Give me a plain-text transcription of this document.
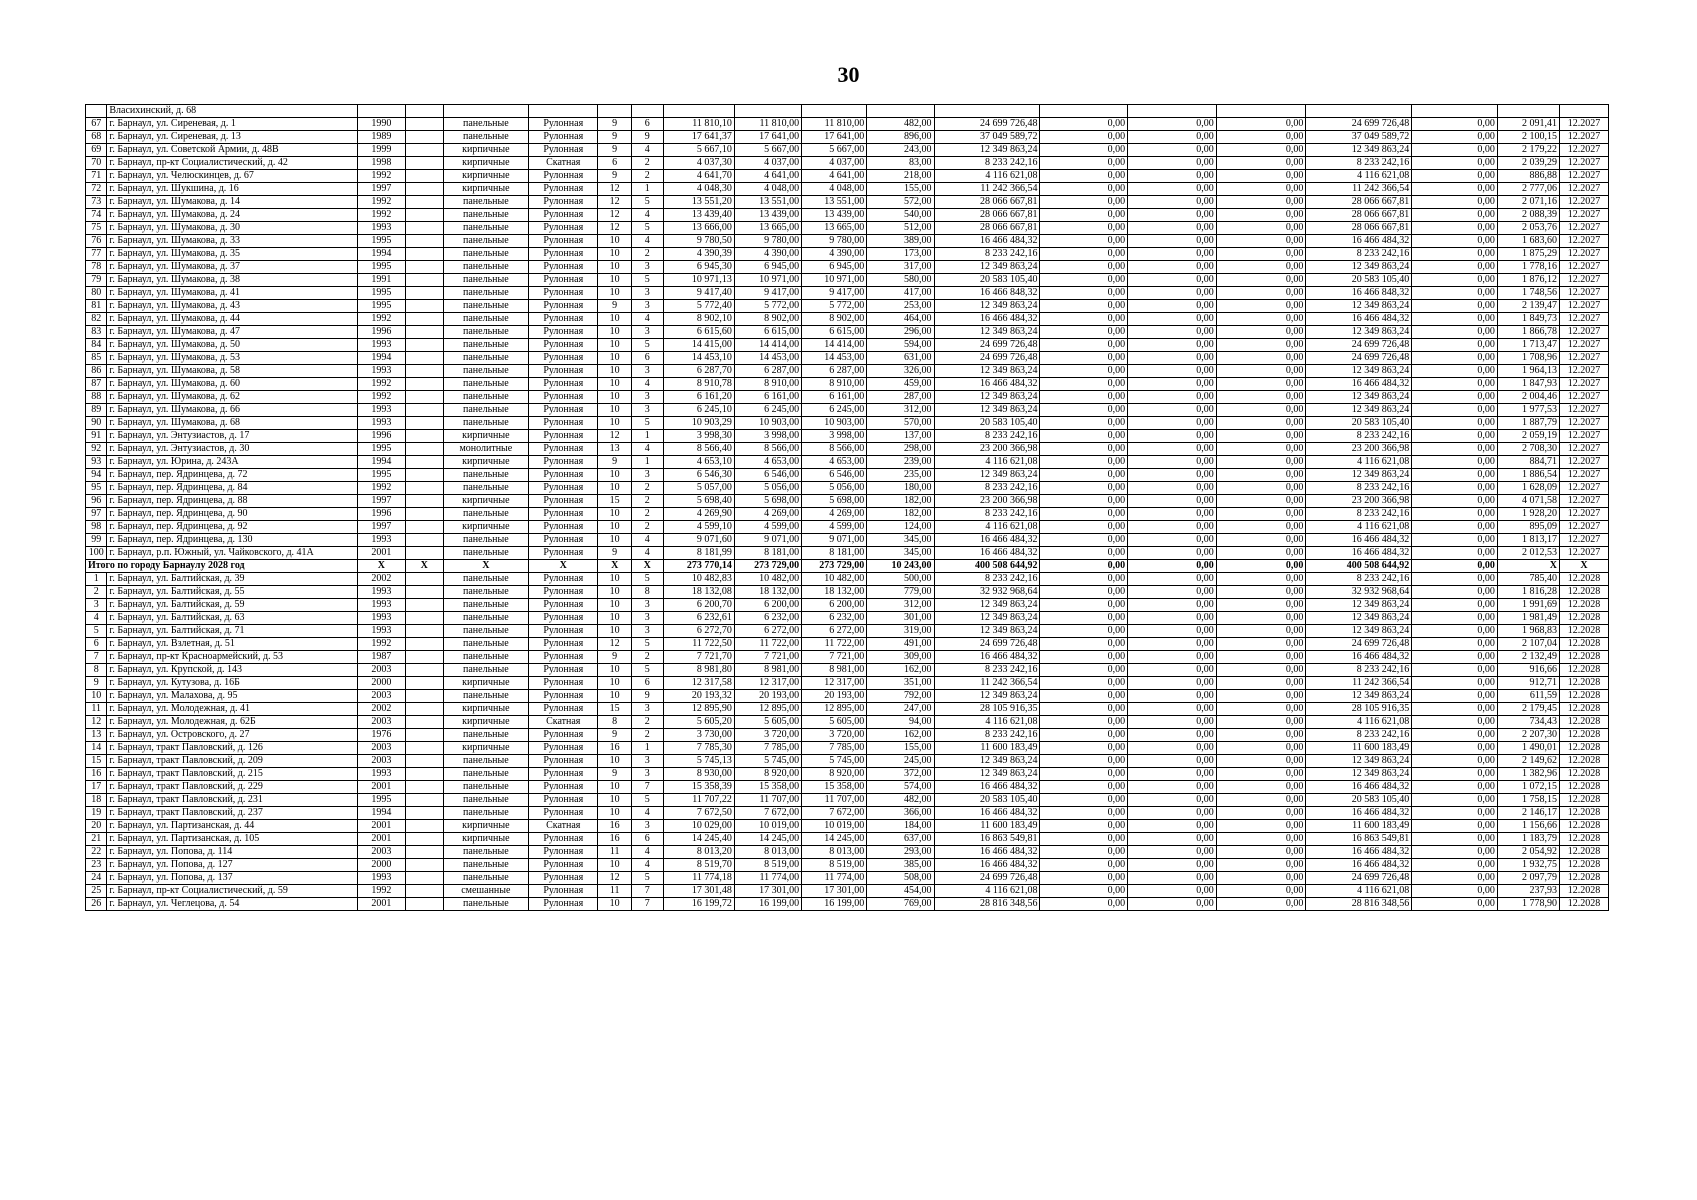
30
	Власихинский, д. 68																		
67	г. Барнаул, ул. Сиреневая, д. 1	1990		панельные	Рулонная	9	6	11 810,10	11 810,00	11 810,00	482,00	24 699 726,48	0,00	0,00	0,00	24 699 726,48	0,00	2 091,41	12.2027
68	г. Барнаул, ул. Сиреневая, д. 13	1989		панельные	Рулонная	9	9	17 641,37	17 641,00	17 641,00	896,00	37 049 589,72	0,00	0,00	0,00	37 049 589,72	0,00	2 100,15	12.2027
69	г. Барнаул, ул. Советской Армии, д. 48В	1999		кирпичные	Рулонная	9	4	5 667,10	5 667,00	5 667,00	243,00	12 349 863,24	0,00	0,00	0,00	12 349 863,24	0,00	2 179,22	12.2027
70	г. Барнаул, пр-кт Социалистический, д. 42	1998		кирпичные	Скатная	6	2	4 037,30	4 037,00	4 037,00	83,00	8 233 242,16	0,00	0,00	0,00	8 233 242,16	0,00	2 039,29	12.2027
71	г. Барнаул, ул. Челюскинцев, д. 67	1992		кирпичные	Рулонная	9	2	4 641,70	4 641,00	4 641,00	218,00	4 116 621,08	0,00	0,00	0,00	4 116 621,08	0,00	886,88	12.2027
72	г. Барнаул, ул. Шукшина, д. 16	1997		кирпичные	Рулонная	12	1	4 048,30	4 048,00	4 048,00	155,00	11 242 366,54	0,00	0,00	0,00	11 242 366,54	0,00	2 777,06	12.2027
73	г. Барнаул, ул. Шумакова, д. 14	1992		панельные	Рулонная	12	5	13 551,20	13 551,00	13 551,00	572,00	28 066 667,81	0,00	0,00	0,00	28 066 667,81	0,00	2 071,16	12.2027
74	г. Барнаул, ул. Шумакова, д. 24	1992		панельные	Рулонная	12	4	13 439,40	13 439,00	13 439,00	540,00	28 066 667,81	0,00	0,00	0,00	28 066 667,81	0,00	2 088,39	12.2027
75	г. Барнаул, ул. Шумакова, д. 30	1993		панельные	Рулонная	12	5	13 666,00	13 665,00	13 665,00	512,00	28 066 667,81	0,00	0,00	0,00	28 066 667,81	0,00	2 053,76	12.2027
76	г. Барнаул, ул. Шумакова, д. 33	1995		панельные	Рулонная	10	4	9 780,50	9 780,00	9 780,00	389,00	16 466 484,32	0,00	0,00	0,00	16 466 484,32	0,00	1 683,60	12.2027
77	г. Барнаул, ул. Шумакова, д. 35	1994		панельные	Рулонная	10	2	4 390,39	4 390,00	4 390,00	173,00	8 233 242,16	0,00	0,00	0,00	8 233 242,16	0,00	1 875,29	12.2027
78	г. Барнаул, ул. Шумакова, д. 37	1995		панельные	Рулонная	10	3	6 945,30	6 945,00	6 945,00	317,00	12 349 863,24	0,00	0,00	0,00	12 349 863,24	0,00	1 778,16	12.2027
79	г. Барнаул, ул. Шумакова, д. 38	1991		панельные	Рулонная	10	5	10 971,13	10 971,00	10 971,00	580,00	20 583 105,40	0,00	0,00	0,00	20 583 105,40	0,00	1 876,12	12.2027
80	г. Барнаул, ул. Шумакова, д. 41	1995		панельные	Рулонная	10	3	9 417,40	9 417,00	9 417,00	417,00	16 466 848,32	0,00	0,00	0,00	16 466 848,32	0,00	1 748,56	12.2027
81	г. Барнаул, ул. Шумакова, д. 43	1995		панельные	Рулонная	9	3	5 772,40	5 772,00	5 772,00	253,00	12 349 863,24	0,00	0,00	0,00	12 349 863,24	0,00	2 139,47	12.2027
82	г. Барнаул, ул. Шумакова, д. 44	1992		панельные	Рулонная	10	4	8 902,10	8 902,00	8 902,00	464,00	16 466 484,32	0,00	0,00	0,00	16 466 484,32	0,00	1 849,73	12.2027
83	г. Барнаул, ул. Шумакова, д. 47	1996		панельные	Рулонная	10	3	6 615,60	6 615,00	6 615,00	296,00	12 349 863,24	0,00	0,00	0,00	12 349 863,24	0,00	1 866,78	12.2027
84	г. Барнаул, ул. Шумакова, д. 50	1993		панельные	Рулонная	10	5	14 415,00	14 414,00	14 414,00	594,00	24 699 726,48	0,00	0,00	0,00	24 699 726,48	0,00	1 713,47	12.2027
85	г. Барнаул, ул. Шумакова, д. 53	1994		панельные	Рулонная	10	6	14 453,10	14 453,00	14 453,00	631,00	24 699 726,48	0,00	0,00	0,00	24 699 726,48	0,00	1 708,96	12.2027
86	г. Барнаул, ул. Шумакова, д. 58	1993		панельные	Рулонная	10	3	6 287,70	6 287,00	6 287,00	326,00	12 349 863,24	0,00	0,00	0,00	12 349 863,24	0,00	1 964,13	12.2027
87	г. Барнаул, ул. Шумакова, д. 60	1992		панельные	Рулонная	10	4	8 910,78	8 910,00	8 910,00	459,00	16 466 484,32	0,00	0,00	0,00	16 466 484,32	0,00	1 847,93	12.2027
88	г. Барнаул, ул. Шумакова, д. 62	1992		панельные	Рулонная	10	3	6 161,20	6 161,00	6 161,00	287,00	12 349 863,24	0,00	0,00	0,00	12 349 863,24	0,00	2 004,46	12.2027
89	г. Барнаул, ул. Шумакова, д. 66	1993		панельные	Рулонная	10	3	6 245,10	6 245,00	6 245,00	312,00	12 349 863,24	0,00	0,00	0,00	12 349 863,24	0,00	1 977,53	12.2027
90	г. Барнаул, ул. Шумакова, д. 68	1993		панельные	Рулонная	10	5	10 903,29	10 903,00	10 903,00	570,00	20 583 105,40	0,00	0,00	0,00	20 583 105,40	0,00	1 887,79	12.2027
91	г. Барнаул, ул. Энтузиастов, д. 17	1996		кирпичные	Рулонная	12	1	3 998,30	3 998,00	3 998,00	137,00	8 233 242,16	0,00	0,00	0,00	8 233 242,16	0,00	2 059,19	12.2027
92	г. Барнаул, ул. Энтузиастов, д. 30	1995		монолитные	Рулонная	13	4	8 566,40	8 566,00	8 566,00	298,00	23 200 366,98	0,00	0,00	0,00	23 200 366,98	0,00	2 708,30	12.2027
93	г. Барнаул, ул. Юрина, д. 243А	1994		кирпичные	Рулонная	9	1	4 653,10	4 653,00	4 653,00	239,00	4 116 621,08	0,00	0,00	0,00	4 116 621,08	0,00	884,71	12.2027
94	г. Барнаул, пер. Ядринцева, д. 72	1995		панельные	Рулонная	10	3	6 546,30	6 546,00	6 546,00	235,00	12 349 863,24	0,00	0,00	0,00	12 349 863,24	0,00	1 886,54	12.2027
95	г. Барнаул, пер. Ядринцева, д. 84	1992		панельные	Рулонная	10	2	5 057,00	5 056,00	5 056,00	180,00	8 233 242,16	0,00	0,00	0,00	8 233 242,16	0,00	1 628,09	12.2027
96	г. Барнаул, пер. Ядринцева, д. 88	1997		кирпичные	Рулонная	15	2	5 698,40	5 698,00	5 698,00	182,00	23 200 366,98	0,00	0,00	0,00	23 200 366,98	0,00	4 071,58	12.2027
97	г. Барнаул, пер. Ядринцева, д. 90	1996		панельные	Рулонная	10	2	4 269,90	4 269,00	4 269,00	182,00	8 233 242,16	0,00	0,00	0,00	8 233 242,16	0,00	1 928,20	12.2027
98	г. Барнаул, пер. Ядринцева, д. 92	1997		кирпичные	Рулонная	10	2	4 599,10	4 599,00	4 599,00	124,00	4 116 621,08	0,00	0,00	0,00	4 116 621,08	0,00	895,09	12.2027
99	г. Барнаул, пер. Ядринцева, д. 130	1993		панельные	Рулонная	10	4	9 071,60	9 071,00	9 071,00	345,00	16 466 484,32	0,00	0,00	0,00	16 466 484,32	0,00	1 813,17	12.2027
100	г. Барнаул, р.п. Южный, ул. Чайковского, д. 41А	2001		панельные	Рулонная	9	4	8 181,99	8 181,00	8 181,00	345,00	16 466 484,32	0,00	0,00	0,00	16 466 484,32	0,00	2 012,53	12.2027
Итого по городу Барнаулу 2028 год		X	X	X	X	X	X	273 770,14	273 729,00	273 729,00	10 243,00	400 508 644,92	0,00	0,00	0,00	400 508 644,92	0,00	X	X
1	г. Барнаул, ул. Балтийская, д. 39	2002		панельные	Рулонная	10	5	10 482,83	10 482,00	10 482,00	500,00	8 233 242,16	0,00	0,00	0,00	8 233 242,16	0,00	785,40	12.2028
2	г. Барнаул, ул. Балтийская, д. 55	1993		панельные	Рулонная	10	8	18 132,08	18 132,00	18 132,00	779,00	32 932 968,64	0,00	0,00	0,00	32 932 968,64	0,00	1 816,28	12.2028
3	г. Барнаул, ул. Балтийская, д. 59	1993		панельные	Рулонная	10	3	6 200,70	6 200,00	6 200,00	312,00	12 349 863,24	0,00	0,00	0,00	12 349 863,24	0,00	1 991,69	12.2028
4	г. Барнаул, ул. Балтийская, д. 63	1993		панельные	Рулонная	10	3	6 232,61	6 232,00	6 232,00	301,00	12 349 863,24	0,00	0,00	0,00	12 349 863,24	0,00	1 981,49	12.2028
5	г. Барнаул, ул. Балтийская, д. 71	1993		панельные	Рулонная	10	3	6 272,70	6 272,00	6 272,00	319,00	12 349 863,24	0,00	0,00	0,00	12 349 863,24	0,00	1 968,83	12.2028
6	г. Барнаул, ул. Взлетная, д. 51	1992		панельные	Рулонная	12	5	11 722,50	11 722,00	11 722,00	491,00	24 699 726,48	0,00	0,00	0,00	24 699 726,48	0,00	2 107,04	12.2028
7	г. Барнаул, пр-кт Красноармейский, д. 53	1987		панельные	Рулонная	9	2	7 721,70	7 721,00	7 721,00	309,00	16 466 484,32	0,00	0,00	0,00	16 466 484,32	0,00	2 132,49	12.2028
8	г. Барнаул, ул. Крупской, д. 143	2003		панельные	Рулонная	10	5	8 981,80	8 981,00	8 981,00	162,00	8 233 242,16	0,00	0,00	0,00	8 233 242,16	0,00	916,66	12.2028
9	г. Барнаул, ул. Кутузова, д. 16Б	2000		кирпичные	Рулонная	10	6	12 317,58	12 317,00	12 317,00	351,00	11 242 366,54	0,00	0,00	0,00	11 242 366,54	0,00	912,71	12.2028
10	г. Барнаул, ул. Малахова, д. 95	2003		панельные	Рулонная	10	9	20 193,32	20 193,00	20 193,00	792,00	12 349 863,24	0,00	0,00	0,00	12 349 863,24	0,00	611,59	12.2028
11	г. Барнаул, ул. Молодежная, д. 41	2002		кирпичные	Рулонная	15	3	12 895,90	12 895,00	12 895,00	247,00	28 105 916,35	0,00	0,00	0,00	28 105 916,35	0,00	2 179,45	12.2028
12	г. Барнаул, ул. Молодежная, д. 62Б	2003		кирпичные	Скатная	8	2	5 605,20	5 605,00	5 605,00	94,00	4 116 621,08	0,00	0,00	0,00	4 116 621,08	0,00	734,43	12.2028
13	г. Барнаул, ул. Островского, д. 27	1976		панельные	Рулонная	9	2	3 730,00	3 720,00	3 720,00	162,00	8 233 242,16	0,00	0,00	0,00	8 233 242,16	0,00	2 207,30	12.2028
14	г. Барнаул, тракт Павловский, д. 126	2003		кирпичные	Рулонная	16	1	7 785,30	7 785,00	7 785,00	155,00	11 600 183,49	0,00	0,00	0,00	11 600 183,49	0,00	1 490,01	12.2028
15	г. Барнаул, тракт Павловский, д. 209	2003		панельные	Рулонная	10	3	5 745,13	5 745,00	5 745,00	245,00	12 349 863,24	0,00	0,00	0,00	12 349 863,24	0,00	2 149,62	12.2028
16	г. Барнаул, тракт Павловский, д. 215	1993		панельные	Рулонная	9	3	8 930,00	8 920,00	8 920,00	372,00	12 349 863,24	0,00	0,00	0,00	12 349 863,24	0,00	1 382,96	12.2028
17	г. Барнаул, тракт Павловский, д. 229	2001		панельные	Рулонная	10	7	15 358,39	15 358,00	15 358,00	574,00	16 466 484,32	0,00	0,00	0,00	16 466 484,32	0,00	1 072,15	12.2028
18	г. Барнаул, тракт Павловский, д. 231	1995		панельные	Рулонная	10	5	11 707,22	11 707,00	11 707,00	482,00	20 583 105,40	0,00	0,00	0,00	20 583 105,40	0,00	1 758,15	12.2028
19	г. Барнаул, тракт Павловский, д. 237	1994		панельные	Рулонная	10	4	7 672,50	7 672,00	7 672,00	366,00	16 466 484,32	0,00	0,00	0,00	16 466 484,32	0,00	2 146,17	12.2028
20	г. Барнаул, ул. Партизанская, д. 44	2001		кирпичные	Скатная	16	3	10 029,00	10 019,00	10 019,00	184,00	11 600 183,49	0,00	0,00	0,00	11 600 183,49	0,00	1 156,66	12.2028
21	г. Барнаул, ул. Партизанская, д. 105	2001		кирпичные	Рулонная	16	6	14 245,40	14 245,00	14 245,00	637,00	16 863 549,81	0,00	0,00	0,00	16 863 549,81	0,00	1 183,79	12.2028
22	г. Барнаул, ул. Попова, д. 114	2003		панельные	Рулонная	11	4	8 013,20	8 013,00	8 013,00	293,00	16 466 484,32	0,00	0,00	0,00	16 466 484,32	0,00	2 054,92	12.2028
23	г. Барнаул, ул. Попова, д. 127	2000		панельные	Рулонная	10	4	8 519,70	8 519,00	8 519,00	385,00	16 466 484,32	0,00	0,00	0,00	16 466 484,32	0,00	1 932,75	12.2028
24	г. Барнаул, ул. Попова, д. 137	1993		панельные	Рулонная	12	5	11 774,18	11 774,00	11 774,00	508,00	24 699 726,48	0,00	0,00	0,00	24 699 726,48	0,00	2 097,79	12.2028
25	г. Барнаул, пр-кт Социалистический, д. 59	1992		смешанные	Рулонная	11	7	17 301,48	17 301,00	17 301,00	454,00	4 116 621,08	0,00	0,00	0,00	4 116 621,08	0,00	237,93	12.2028
26	г. Барнаул, ул. Чеглецова, д. 54	2001		панельные	Рулонная	10	7	16 199,72	16 199,00	16 199,00	769,00	28 816 348,56	0,00	0,00	0,00	28 816 348,56	0,00	1 778,90	12.2028
